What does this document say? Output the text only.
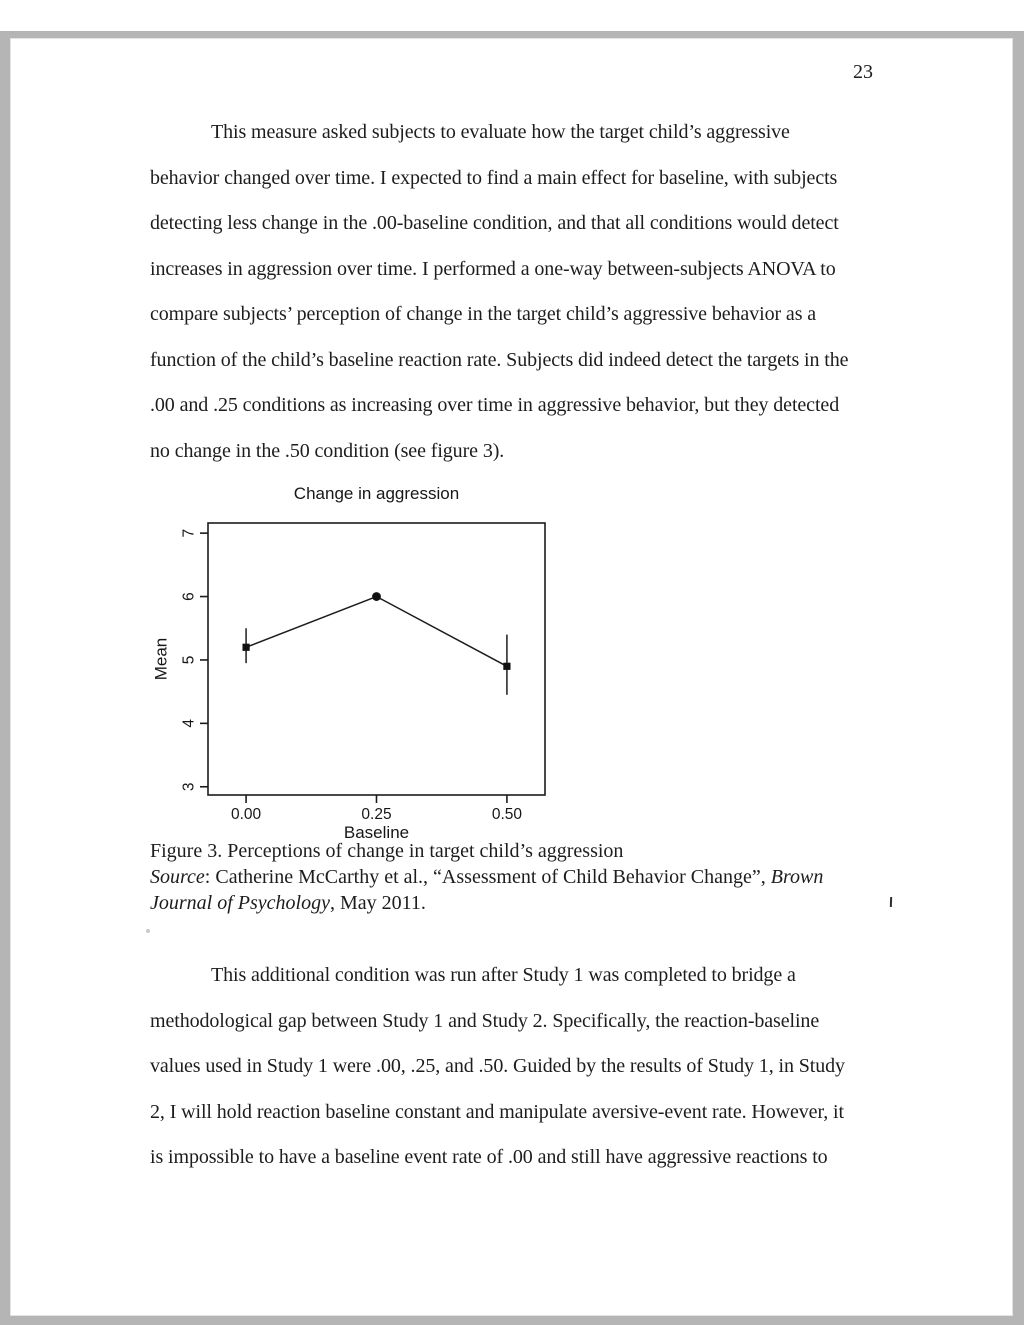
23
This measure asked subjects to evaluate how the target child’s aggressive
behavior changed over time. I expected to find a main effect for baseline, with subjects
detecting less change in the .00-baseline condition, and that all conditions would detect
increases in aggression over time. I performed a one-way between-subjects ANOVA to
compare subjects’ perception of change in the target child’s aggressive behavior as a
function of the child’s baseline reaction rate. Subjects did indeed detect the targets in the
.00 and .25 conditions as increasing over time in aggressive behavior, but they detected
no change in the .50 condition (see figure 3).
Change in aggression
3
4
5
6
7
0.00	0.25	0.50
Baseline
Mean
Figure 3. Perceptions of change in target child’s aggression
Source: Catherine McCarthy et al., “Assessment of Child Behavior Change”, Brown
Journal of Psychology, May 2011.
This additional condition was run after Study 1 was completed to bridge a
methodological gap between Study 1 and Study 2. Specifically, the reaction-baseline
values used in Study 1 were .00, .25, and .50. Guided by the results of Study 1, in Study
2, I will hold reaction baseline constant and manipulate aversive-event rate. However, it
is impossible to have a baseline event rate of .00 and still have aggressive reactions to
